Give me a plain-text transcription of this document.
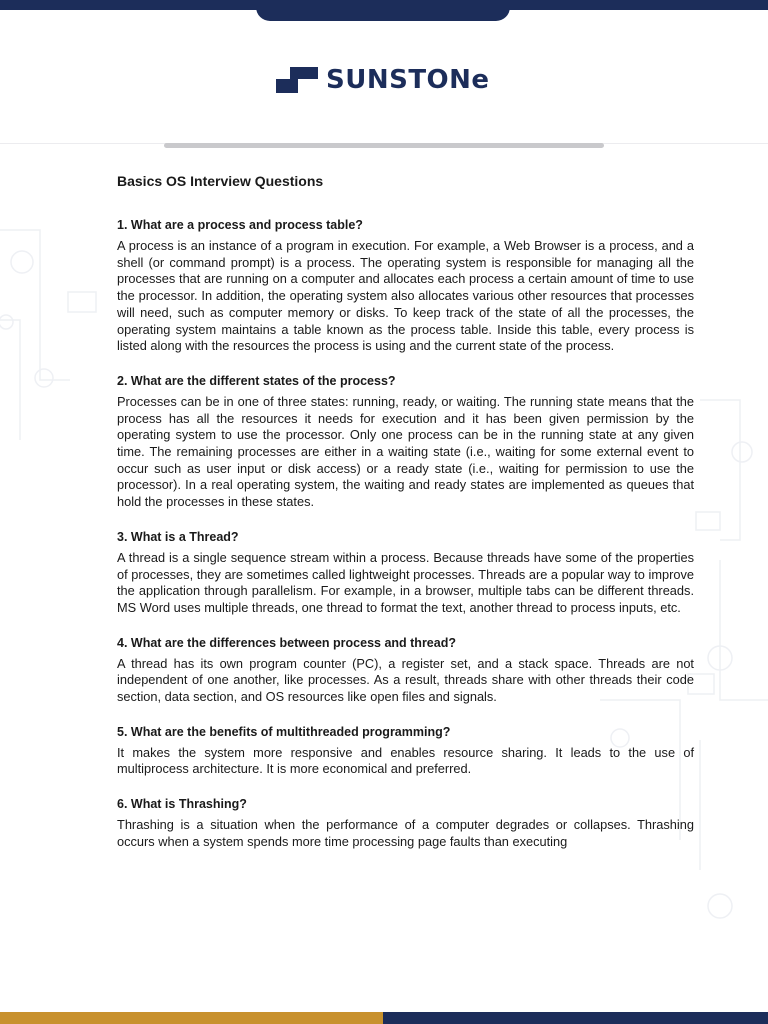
SUNSTONe
Basics OS Interview Questions
1. What are a process and process table?

A process is an instance of a program in execution. For example, a Web Browser is a process, and a shell (or command prompt) is a process. The operating system is responsible for managing all the processes that are running on a computer and allocates each process a certain amount of time to use the processor. In addition, the operating system also allocates various other resources that processes will need, such as computer memory or disks. To keep track of the state of all the processes, the operating system maintains a table known as the process table. Inside this table, every process is listed along with the resources the process is using and the current state of the process.

2. What are the different states of the process?

Processes can be in one of three states: running, ready, or waiting. The running state means that the process has all the resources it needs for execution and it has been given permission by the operating system to use the processor. Only one process can be in the running state at any given time. The remaining processes are either in a waiting state (i.e., waiting for some external event to occur such as user input or disk access) or a ready state (i.e., waiting for permission to use the processor). In a real operating system, the waiting and ready states are implemented as queues that hold the processes in these states.

3. What is a Thread?

A thread is a single sequence stream within a process. Because threads have some of the properties of processes, they are sometimes called lightweight processes. Threads are a popular way to improve the application through parallelism. For example, in a browser, multiple tabs can be different threads. MS Word uses multiple threads, one thread to format the text, another thread to process inputs, etc.

4. What are the differences between process and thread?

A thread has its own program counter (PC), a register set, and a stack space. Threads are not independent of one another, like processes. As a result, threads share with other threads their code section, data section, and OS resources like open files and signals.

5. What are the benefits of multithreaded programming?

It makes the system more responsive and enables resource sharing. It leads to the use of multiprocess architecture. It is more economical and preferred.

6. What is Thrashing?

Thrashing is a situation when the performance of a computer degrades or collapses. Thrashing occurs when a system spends more time processing page faults than executing
